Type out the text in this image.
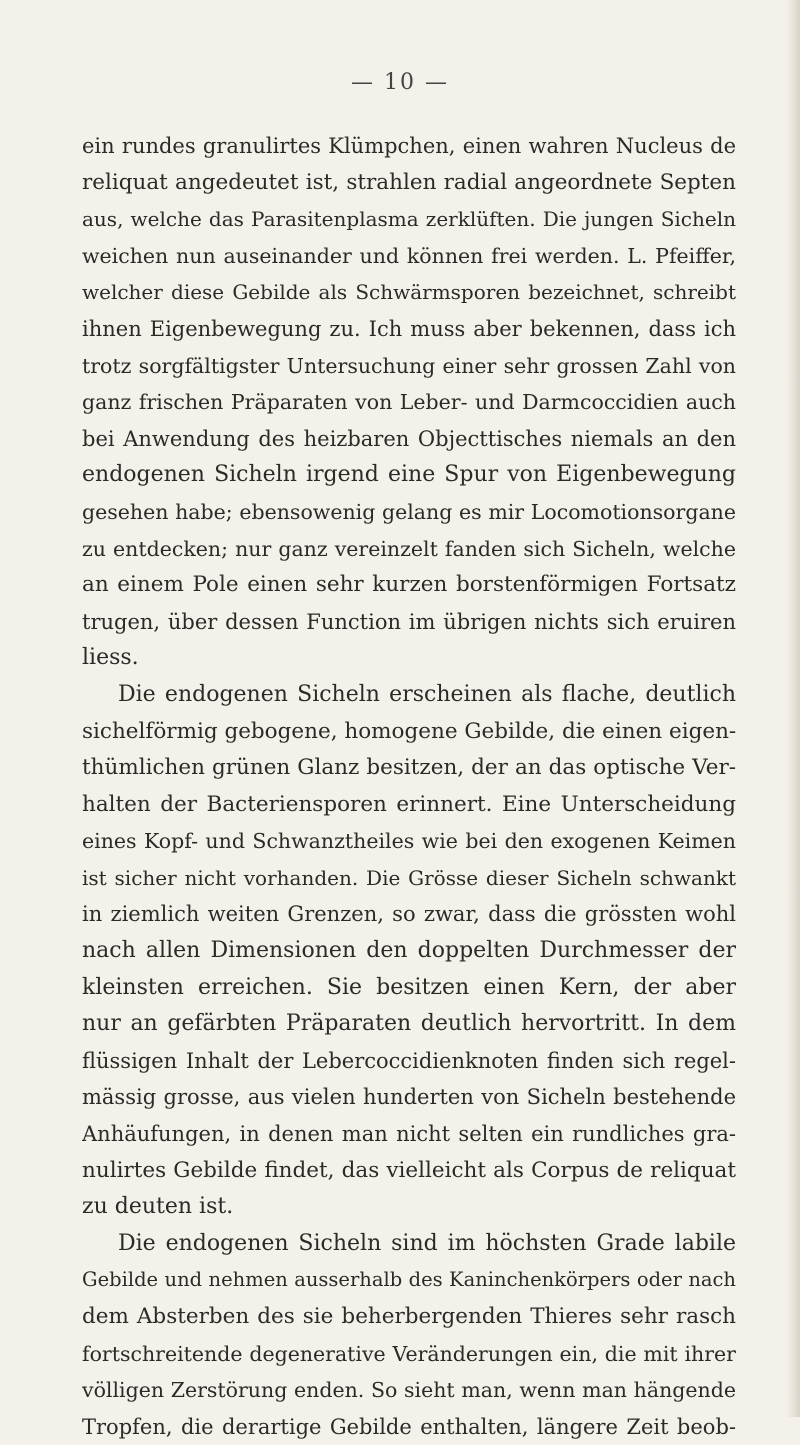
— 10 —
ein rundes granulirtes Klümpchen, einen wahren Nucleus de
reliquat angedeutet ist, strahlen radial angeordnete Septen
aus, welche das Parasitenplasma zerklüften. Die jungen Sicheln
weichen nun auseinander und können frei werden. L. Pfeiffer,
welcher diese Gebilde als Schwärmsporen bezeichnet, schreibt
ihnen Eigenbewegung zu. Ich muss aber bekennen, dass ich
trotz sorgfältigster Untersuchung einer sehr grossen Zahl von
ganz frischen Präparaten von Leber- und Darmcoccidien auch
bei Anwendung des heizbaren Objecttisches niemals an den
endogenen Sicheln irgend eine Spur von Eigenbewegung
gesehen habe; ebensowenig gelang es mir Locomotionsorgane
zu entdecken; nur ganz vereinzelt fanden sich Sicheln, welche
an einem Pole einen sehr kurzen borstenförmigen Fortsatz
trugen, über dessen Function im übrigen nichts sich eruiren
liess.
Die endogenen Sicheln erscheinen als flache, deutlich
sichelförmig gebogene, homogene Gebilde, die einen eigen-
thümlichen grünen Glanz besitzen, der an das optische Ver-
halten der Bacteriensporen erinnert. Eine Unterscheidung
eines Kopf- und Schwanztheiles wie bei den exogenen Keimen
ist sicher nicht vorhanden. Die Grösse dieser Sicheln schwankt
in ziemlich weiten Grenzen, so zwar, dass die grössten wohl
nach allen Dimensionen den doppelten Durchmesser der
kleinsten erreichen. Sie besitzen einen Kern, der aber
nur an gefärbten Präparaten deutlich hervortritt. In dem
flüssigen Inhalt der Lebercoccidienknoten finden sich regel-
mässig grosse, aus vielen hunderten von Sicheln bestehende
Anhäufungen, in denen man nicht selten ein rundliches gra-
nulirtes Gebilde findet, das vielleicht als Corpus de reliquat
zu deuten ist.
Die endogenen Sicheln sind im höchsten Grade labile
Gebilde und nehmen ausserhalb des Kaninchenkörpers oder nach
dem Absterben des sie beherbergenden Thieres sehr rasch
fortschreitende degenerative Veränderungen ein, die mit ihrer
völligen Zerstörung enden. So sieht man, wenn man hängende
Tropfen, die derartige Gebilde enthalten, längere Zeit beob-
